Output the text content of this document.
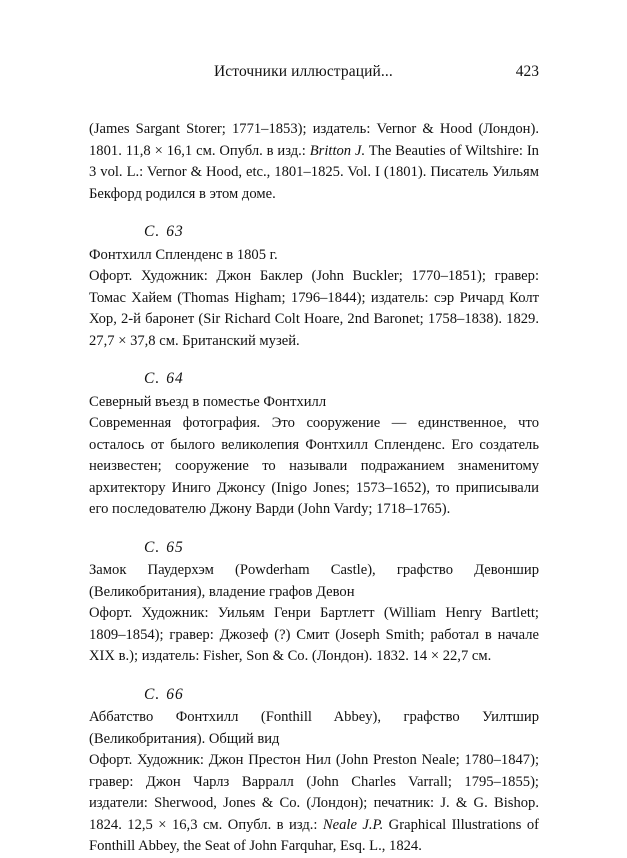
Источники иллюстраций...	423

(James Sargant Storer; 1771–1853); издатель: Vernor & Hood (Лондон). 1801. 11,8 × 16,1 см. Опубл. в изд.: Britton J. The Beauties of Wiltshire: In 3 vol. L.: Vernor & Hood, etc., 1801–1825. Vol. I (1801). Писатель Уильям Бекфорд родился в этом доме.

С. 63

Фонтхилл Спленденс в 1805 г.

Офорт. Художник: Джон Баклер (John Buckler; 1770–1851); гравер: Томас Хайем (Thomas Higham; 1796–1844); издатель: сэр Ричард Колт Хор, 2-й баронет (Sir Richard Colt Hoare, 2nd Baronet; 1758–1838). 1829. 27,7 × 37,8 см. Британский музей.

С. 64

Северный въезд в поместье Фонтхилл

Современная фотография. Это сооружение — единственное, что осталось от былого великолепия Фонтхилл Спленденс. Его создатель неизвестен; сооружение то называли подражанием знаменитому архитектору Иниго Джонсу (Inigo Jones; 1573–1652), то приписывали его последователю Джону Варди (John Vardy; 1718–1765).

С. 65

Замок Паудерхэм (Powderham Castle), графство Девоншир (Великобритания), владение графов Девон

Офорт. Художник: Уильям Генри Бартлетт (William Henry Bartlett; 1809–1854); гравер: Джозеф (?) Смит (Joseph Smith; работал в начале XIX в.); издатель: Fisher, Son & Co. (Лондон). 1832. 14 × 22,7 см.

С. 66

Аббатство Фонтхилл (Fonthill Abbey), графство Уилтшир (Великобритания). Общий вид

Офорт. Художник: Джон Престон Нил (John Preston Neale; 1780–1847); гравер: Джон Чарлз Варралл (John Charles Varrall; 1795–1855); издатели: Sherwood, Jones & Co. (Лондон); печатник: J. & G. Bishop. 1824. 12,5 × 16,3 см. Опубл. в изд.: Neale J.P. Graphical Illustrations of Fonthill Abbey, the Seat of John Farquhar, Esq. L., 1824.
